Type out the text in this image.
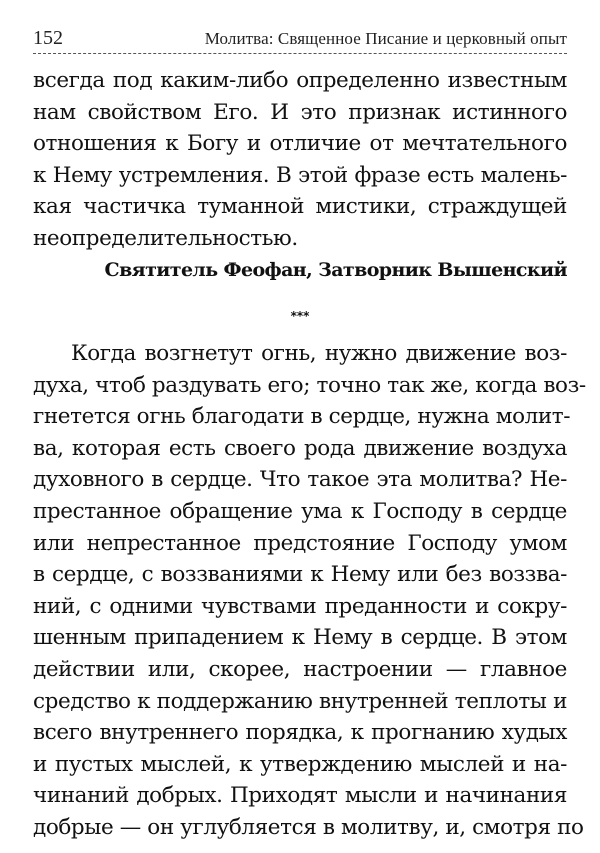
152	Молитва: Священное Писание и церковный опыт
всегда под каким-либо определенно известным
нам свойством Его. И это признак истинного
отношения к Богу и отличие от мечтательного
к Нему устремления. В этой фразе есть малень-
кая частичка туманной мистики, страждущей
неопределительностью.
Святитель Феофан, Затворник Вышенский
***
Когда возгнетут огнь, нужно движение воз-
духа, чтоб раздувать его; точно так же, когда воз-
гнетется огнь благодати в сердце, нужна молит-
ва, которая есть своего рода движение воздуха
духовного в сердце. Что такое эта молитва? Не-
престанное обращение ума к Господу в сердце
или непрестанное предстояние Господу умом
в сердце, с воззваниями к Нему или без воззва-
ний, с одними чувствами преданности и сокру-
шенным припадением к Нему в сердце. В этом
действии или, скорее, настроении — главное
средство к поддержанию внутренней теплоты и
всего внутреннего порядка, к прогнанию худых
и пустых мыслей, к утверждению мыслей и на-
чинаний добрых. Приходят мысли и начинания
добрые — он углубляется в молитву, и, смотря по
